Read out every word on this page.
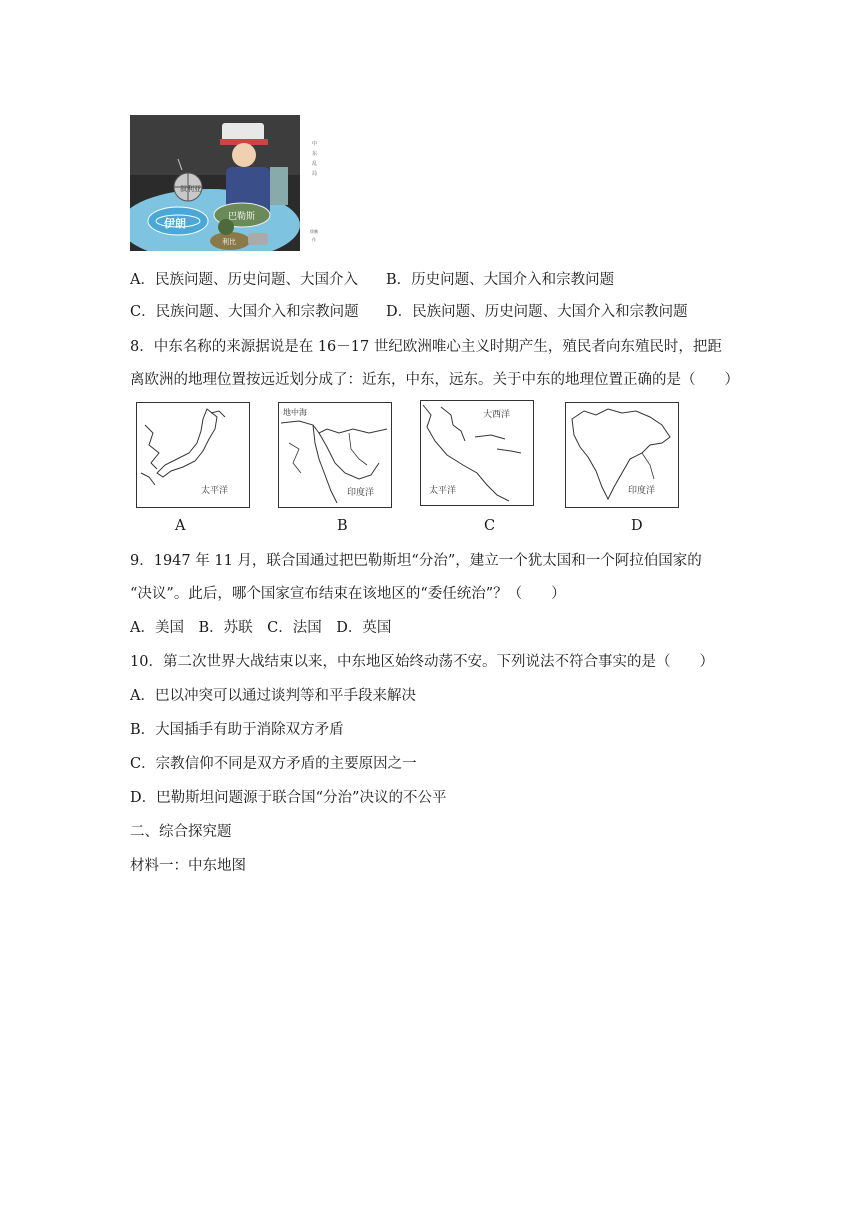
伊朗	巴勒斯
叙利亚
利比
中
东
乱
局
徐鹏
作
A．民族问题、历史问题、大国介入 B．历史问题、大国介入和宗教问题
C．民族问题、大国介入和宗教问题 D．民族问题、历史问题、大国介入和宗教问题
8．中东名称的来源据说是在 16－17 世纪欧洲唯心主义时期产生，殖民者向东殖民时，把距
离欧洲的地理位置按远近划分成了：近东，中东，远东。关于中东的地理位置正确的是（　　）
太平洋
地中海
印度洋
大西洋
太平洋	印度洋
A	B	C	D
9．1947 年 11 月，联合国通过把巴勒斯坦“分治”，建立一个犹太国和一个阿拉伯国家的
“决议”。此后，哪个国家宣布结束在该地区的“委任统治”？（　　）
A．美国　B．苏联　C．法国　D．英国
10．第二次世界大战结束以来，中东地区始终动荡不安。下列说法不符合事实的是（　　）
A．巴以冲突可以通过谈判等和平手段来解决
B．大国插手有助于消除双方矛盾
C．宗教信仰不同是双方矛盾的主要原因之一
D．巴勒斯坦问题源于联合国“分治”决议的不公平
二、综合探究题
材料一：中东地图
